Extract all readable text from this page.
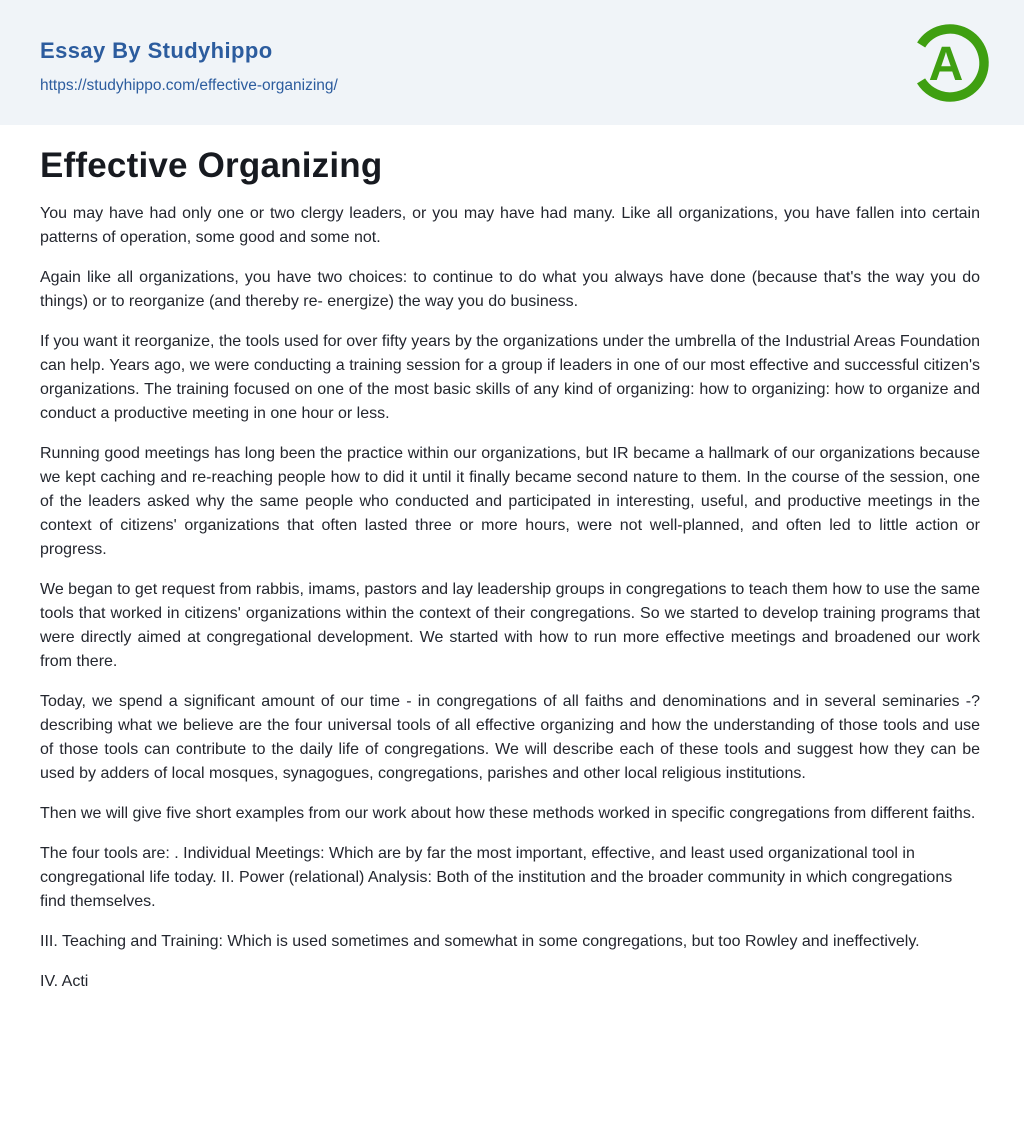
Essay By Studyhippo
https://studyhippo.com/effective-organizing/	A
Effective Organizing

You may have had only one or two clergy leaders, or you may have had many. Like all organizations, you have fallen into certain patterns of operation, some good and some not.

Again like all organizations, you have two choices: to continue to do what you always have done (because that's the way you do things) or to reorganize (and thereby re- energize) the way you do business.

If you want it reorganize, the tools used for over fifty years by the organizations under the umbrella of the Industrial Areas Foundation can help. Years ago, we were conducting a training session for a group if leaders in one of our most effective and successful citizen's organizations. The training focused on one of the most basic skills of any kind of organizing: how to organizing: how to organize and conduct a productive meeting in one hour or less.

Running good meetings has long been the practice within our organizations, but IR became a hallmark of our organizations because we kept caching and re-reaching people how to did it until it finally became second nature to them. In the course of the session, one of the leaders asked why the same people who conducted and participated in interesting, useful, and productive meetings in the context of citizens' organizations that often lasted three or more hours, were not well-planned, and often led to little action or progress.

We began to get request from rabbis, imams, pastors and lay leadership groups in congregations to teach them how to use the same tools that worked in citizens' organizations within the context of their congregations. So we started to develop training programs that were directly aimed at congregational development. We started with how to run more effective meetings and broadened our work from there.

Today, we spend a significant amount of our time - in congregations of all faiths and denominations and in several seminaries -? describing what we believe are the four universal tools of all effective organizing and how the understanding of those tools and use of those tools can contribute to the daily life of congregations. We will describe each of these tools and suggest how they can be used by adders of local mosques, synagogues, congregations, parishes and other local religious institutions.

Then we will give five short examples from our work about how these methods worked in specific congregations from different faiths.

The four tools are: . Individual Meetings: Which are by far the most important, effective, and least used organizational tool in congregational life today. II. Power (relational) Analysis: Both of the institution and the broader community in which congregations find themselves.

III. Teaching and Training: Which is used sometimes and somewhat in some congregations, but too Rowley and ineffectively.

IV. Acti
